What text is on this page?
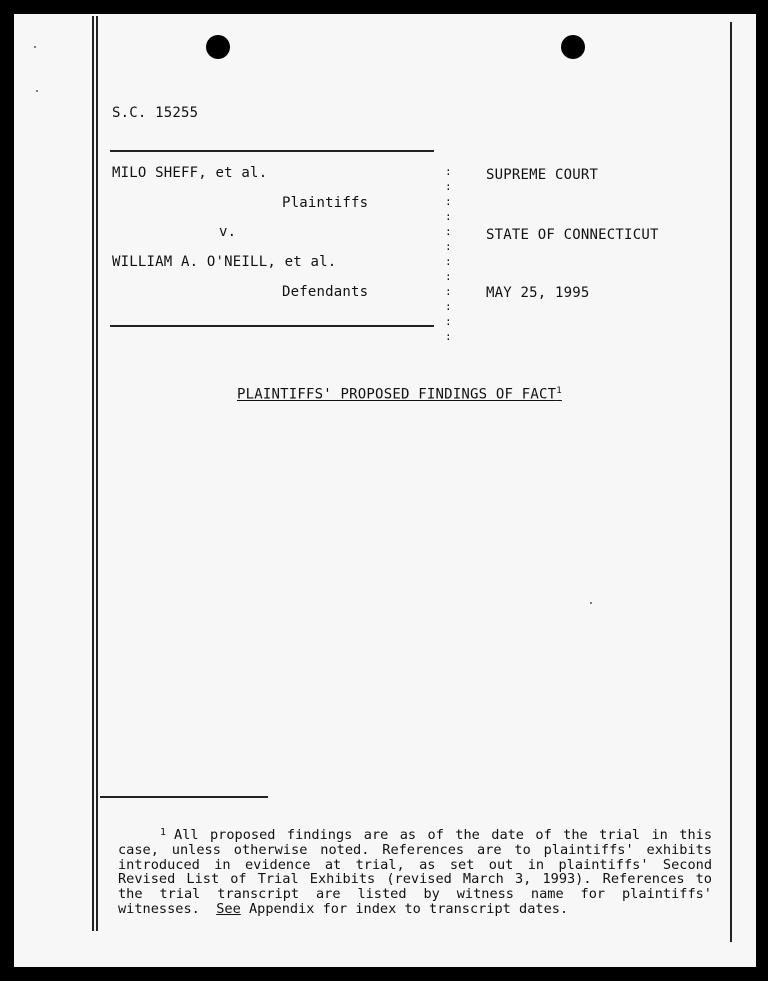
S.C. 15255
MILO SHEFF, et al.
Plaintiffs
v.
WILLIAM A. O'NEILL, et al.
Defendants
:
:
:
:
:
:
:
:
:
:
:
:
SUPREME COURT
STATE OF CONNECTICUT
MAY 25, 1995
PLAINTIFFS' PROPOSED FINDINGS OF FACT$^1$
$^1$ All proposed findings are as of the date of the trial in this case, unless otherwise noted. References are to plaintiffs' exhibits introduced in evidence at trial, as set out in plaintiffs' Second Revised List of Trial Exhibits (revised March 3, 1993). References to the trial transcript are listed by witness name for plaintiffs' witnesses. See Appendix for index to transcript dates.
